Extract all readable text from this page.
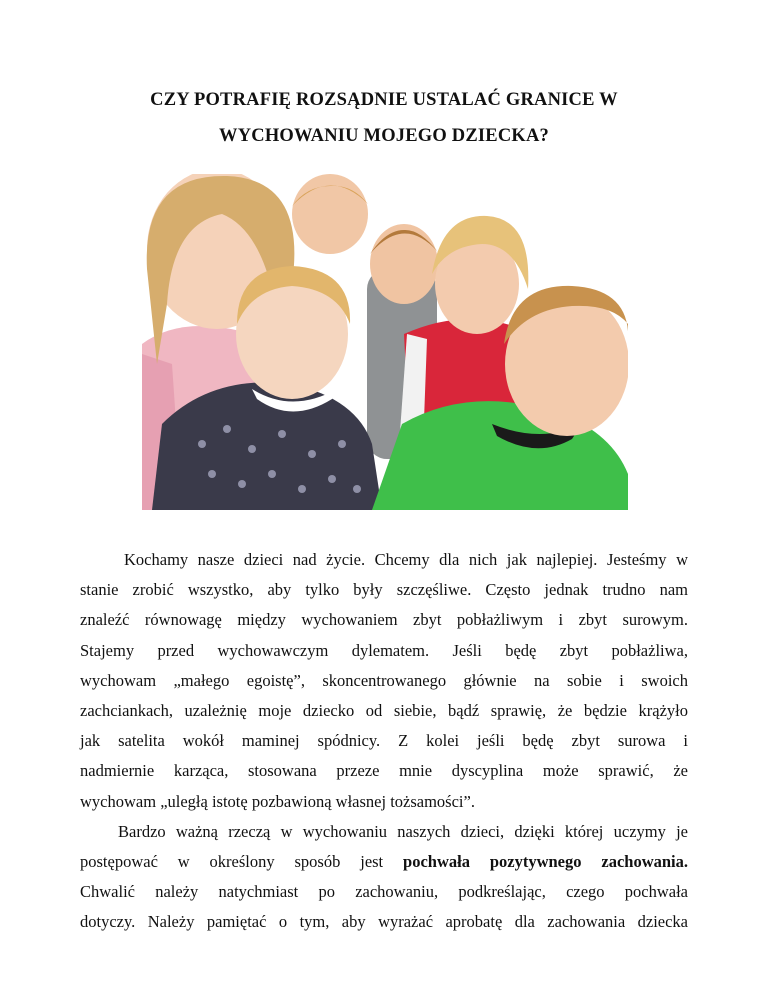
CZY POTRAFIĘ ROZSĄDNIE USTALAĆ GRANICE W
WYCHOWANIU MOJEGO DZIECKA?

Kochamy nasze dzieci nad życie. Chcemy dla nich jak najlepiej. Jesteśmy w
stanie zrobić wszystko, aby tylko były szczęśliwe. Często jednak trudno nam
znaleźć równowagę między wychowaniem zbyt pobłażliwym i zbyt surowym.
Stajemy przed wychowawczym dylematem. Jeśli będę zbyt pobłażliwa,
wychowam „małego egoistę”, skoncentrowanego głównie na sobie i swoich
zachciankach, uzależnię moje dziecko od siebie, bądź sprawię, że będzie krążyło
jak satelita wokół maminej spódnicy. Z kolei jeśli będę zbyt surowa i
nadmiernie karząca, stosowana przeze mnie dyscyplina może sprawić, że
wychowam „uległą istotę pozbawioną własnej tożsamości”.

Bardzo ważną rzeczą w wychowaniu naszych dzieci, dzięki której uczymy je
postępować w określony sposób jest pochwała pozytywnego zachowania.
Chwalić należy natychmiast po zachowaniu, podkreślając, czego pochwała
dotyczy. Należy pamiętać o tym, aby wyrażać aprobatę dla zachowania dziecka
